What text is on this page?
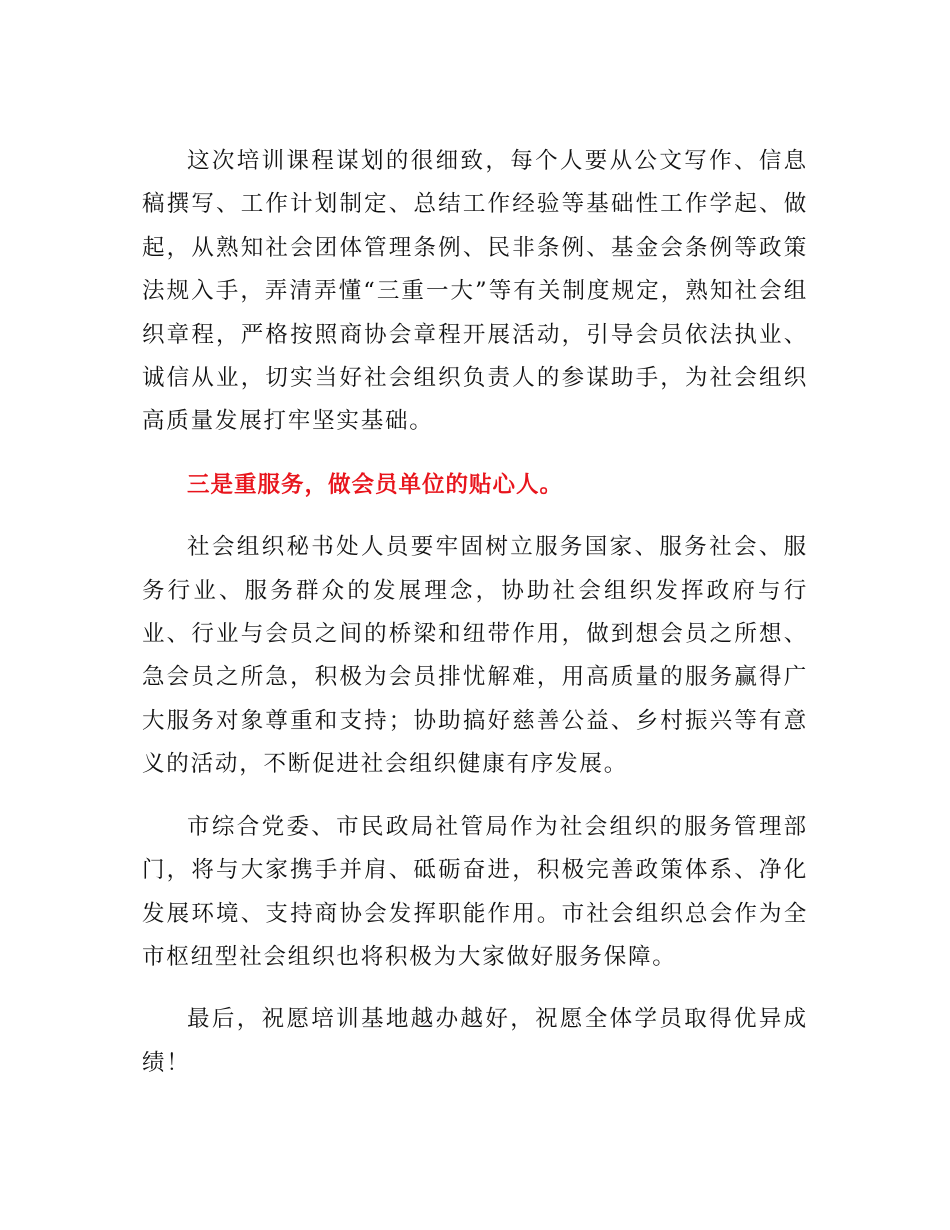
这次培训课程谋划的很细致，每个人要从公文写作、信息稿撰写、工作计划制定、总结工作经验等基础性工作学起、做起，从熟知社会团体管理条例、民非条例、基金会条例等政策法规入手，弄清弄懂“三重一大”等有关制度规定，熟知社会组织章程，严格按照商协会章程开展活动，引导会员依法执业、诚信从业，切实当好社会组织负责人的参谋助手，为社会组织高质量发展打牢坚实基础。

三是重服务，做会员单位的贴心人。

社会组织秘书处人员要牢固树立服务国家、服务社会、服务行业、服务群众的发展理念，协助社会组织发挥政府与行业、行业与会员之间的桥梁和纽带作用，做到想会员之所想、急会员之所急，积极为会员排忧解难，用高质量的服务赢得广大服务对象尊重和支持；协助搞好慈善公益、乡村振兴等有意义的活动，不断促进社会组织健康有序发展。

市综合党委、市民政局社管局作为社会组织的服务管理部门，将与大家携手并肩、砥砺奋进，积极完善政策体系、净化发展环境、支持商协会发挥职能作用。市社会组织总会作为全市枢纽型社会组织也将积极为大家做好服务保障。

最后，祝愿培训基地越办越好，祝愿全体学员取得优异成绩！
